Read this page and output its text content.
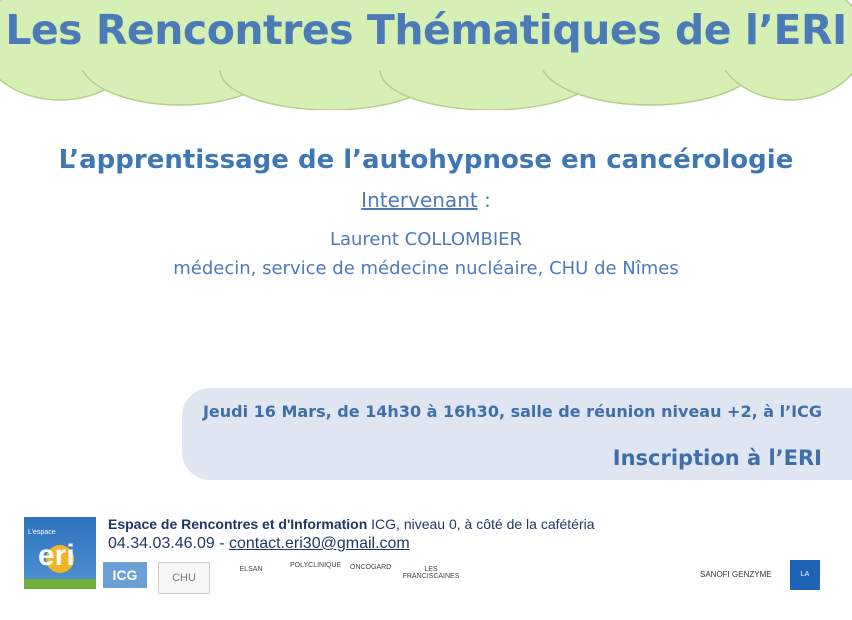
Les Rencontres Thématiques de l’ERI
L’apprentissage de l’autohypnose en cancérologie
Intervenant :
Laurent COLLOMBIER
médecin, service de médecine nucléaire, CHU de Nîmes
Jeudi 16 Mars, de 14h30 à 16h30, salle de réunion niveau +2, à l’ICG
Inscription à l’ERI
L’espace
eri
Espace de Rencontres et d'Information ICG, niveau 0, à côté de la cafétéria
04.34.03.46.09 - contact.eri30@gmail.com
ICG	CHU
ELSAN
POLYCLINIQUE ONCOGARD	LES FRANCISCAINES	SANOFI GENZYME	LA LIGUE
